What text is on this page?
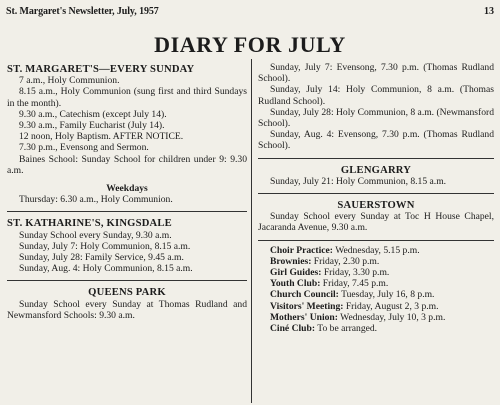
St. Margaret's Newsletter, July, 1957	13
DIARY FOR JULY
ST. MARGARET'S—EVERY SUNDAY

7 a.m., Holy Communion.

8.15 a.m., Holy Communion (sung first and third Sundays in the month).

9.30 a.m., Catechism (except July 14).

9.30 a.m., Family Eucharist (July 14).

12 noon, Holy Baptism. AFTER NOTICE.

7.30 p.m., Evensong and Sermon.

Baines School: Sunday School for children under 9: 9.30 a.m.

Weekdays

Thursday: 6.30 a.m., Holy Communion.

ST. KATHARINE'S, KINGSDALE

Sunday School every Sunday, 9.30 a.m.

Sunday, July 7: Holy Communion, 8.15 a.m.

Sunday, July 28: Family Service, 9.45 a.m.

Sunday, Aug. 4: Holy Communion, 8.15 a.m.

QUEENS PARK

Sunday School every Sunday at Thomas Rudland and Newmansford Schools: 9.30 a.m.

Sunday, July 7: Evensong, 7.30 p.m. (Thomas Rudland School).

Sunday, July 14: Holy Communion, 8 a.m. (Thomas Rudland School).

Sunday, July 28: Holy Communion, 8 a.m. (Newmansford School).

Sunday, Aug. 4: Evensong, 7.30 p.m. (Thomas Rudland School).

GLENGARRY

Sunday, July 21: Holy Communion, 8.15 a.m.

SAUERSTOWN

Sunday School every Sunday at Toc H House Chapel, Jacaranda Avenue, 9.30 a.m.

Choir Practice: Wednesday, 5.15 p.m.

Brownies: Friday, 2.30 p.m.

Girl Guides: Friday, 3.30 p.m.

Youth Club: Friday, 7.45 p.m.

Church Council: Tuesday, July 16, 8 p.m.

Visitors' Meeting: Friday, August 2, 3 p.m.

Mothers' Union: Wednesday, July 10, 3 p.m.

Ciné Club: To be arranged.
